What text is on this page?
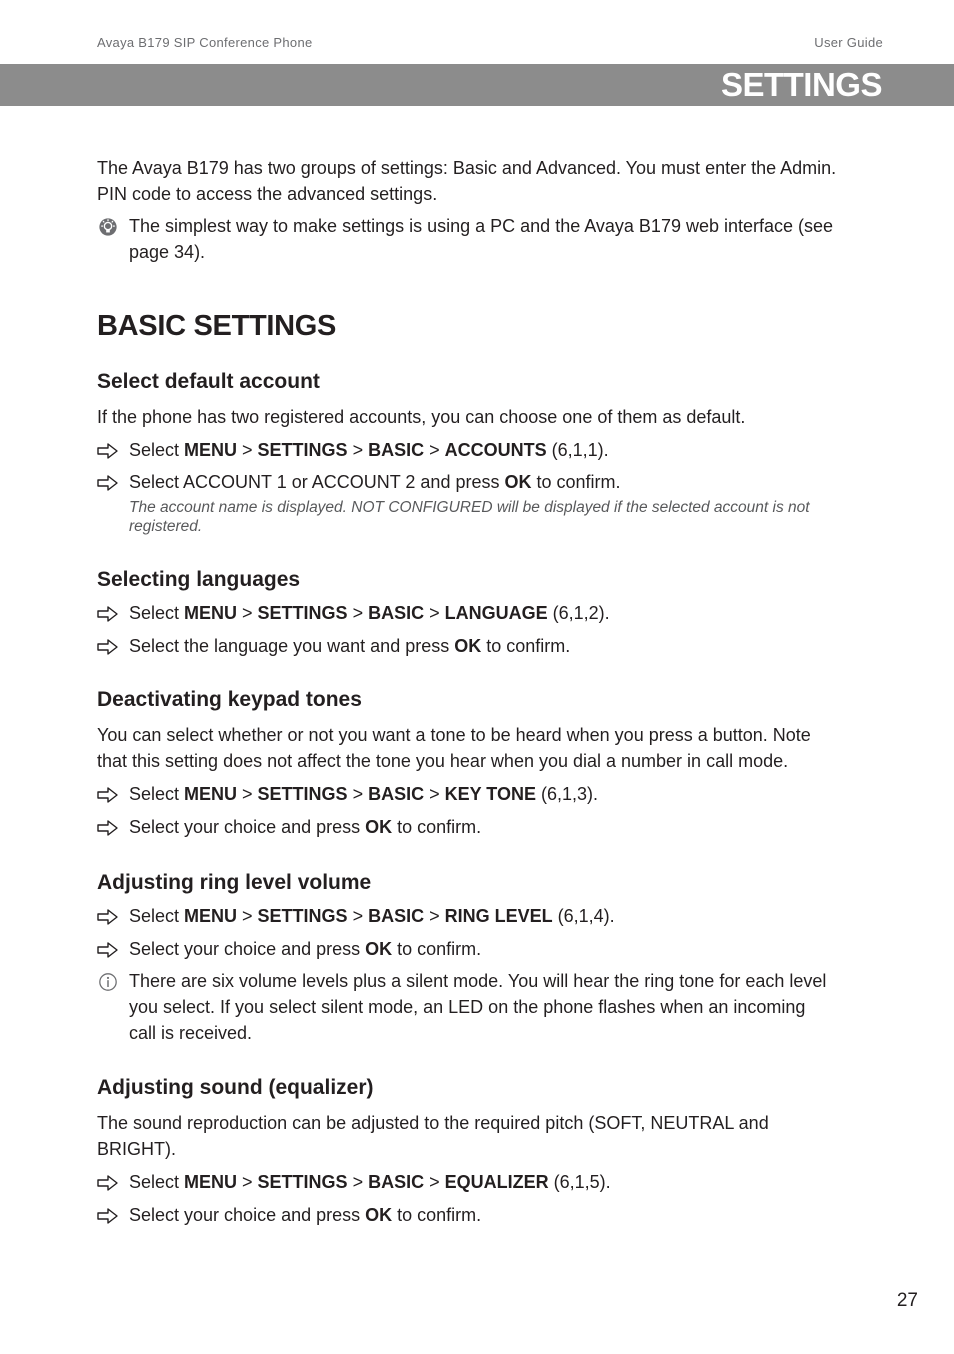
Avaya B179 SIP Conference Phone	User Guide
SETTINGS

The Avaya B179 has two groups of settings: Basic and Advanced. You must enter the Admin. PIN code to access the advanced settings.

The simplest way to make settings is using a PC and the Avaya B179 web interface (see page 34).
BASIC SETTINGS
Select default account

If the phone has two registered accounts, you can choose one of them as default.

Select MENU > SETTINGS > BASIC > ACCOUNTS (6,1,1).
Select ACCOUNT 1 or ACCOUNT 2 and press OK to confirm.
The account name is displayed. NOT CONFIGURED will be displayed if the selected account is not registered.
Selecting languages
Select MENU > SETTINGS > BASIC > LANGUAGE (6,1,2).
Select the language you want and press OK to confirm.
Deactivating keypad tones

You can select whether or not you want a tone to be heard when you press a button. Note that this setting does not affect the tone you hear when you dial a number in call mode.

Select MENU > SETTINGS > BASIC > KEY TONE (6,1,3).
Select your choice and press OK to confirm.
Adjusting ring level volume
Select MENU > SETTINGS > BASIC > RING LEVEL (6,1,4).
Select your choice and press OK to confirm.
There are six volume levels plus a silent mode. You will hear the ring tone for each level you select. If you select silent mode, an LED on the phone flashes when an incoming call is received.
Adjusting sound (equalizer)

The sound reproduction can be adjusted to the required pitch (SOFT, NEUTRAL and BRIGHT).

Select MENU > SETTINGS > BASIC > EQUALIZER (6,1,5).
Select your choice and press OK to confirm.
27
